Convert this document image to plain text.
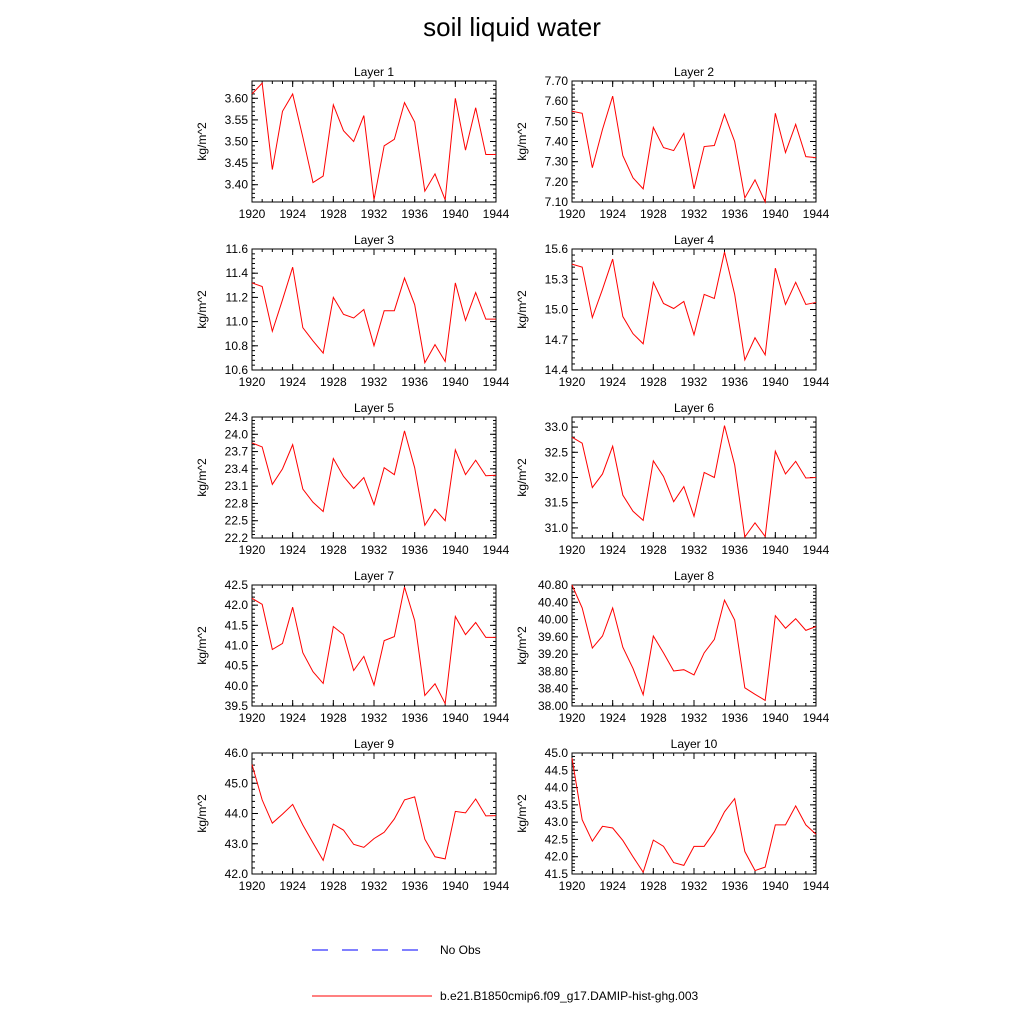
soil liquid water
Layer 1
kg/m^2
1920 1924 1928 1932 1936 1940 1944
3.40
3.45
3.50
3.55
3.60
Layer 2
kg/m^2
1920 1924 1928 1932 1936 1940 1944
7.10
7.20
7.30
7.40
7.50
7.60
7.70
Layer 3
kg/m^2
1920 1924 1928 1932 1936 1940 1944
10.6
10.8
11.0
11.2
11.4
11.6
Layer 4
kg/m^2
1920 1924 1928 1932 1936 1940 1944
14.4
14.7
15.0
15.3
15.6
Layer 5
kg/m^2
1920 1924 1928 1932 1936 1940 1944
22.2
22.5
22.8
23.1
23.4
23.7
24.0
24.3
Layer 6
kg/m^2
1920 1924 1928 1932 1936 1940 1944
31.0
31.5
32.0
32.5
33.0
Layer 7
kg/m^2
1920 1924 1928 1932 1936 1940 1944
39.5
40.0
40.5
41.0
41.5
42.0
42.5
Layer 8
kg/m^2
1920 1924 1928 1932 1936 1940 1944
38.00
38.40
38.80
39.20
39.60
40.00
40.40
40.80
Layer 9
kg/m^2
1920 1924 1928 1932 1936 1940 1944
42.0
43.0
44.0
45.0
46.0
Layer 10
kg/m^2
1920 1924 1928 1932 1936 1940 1944
41.5
42.0
42.5
43.0
43.5
44.0
44.5
45.0
No Obs
b.e21.B1850cmip6.f09_g17.DAMIP-hist-ghg.003
